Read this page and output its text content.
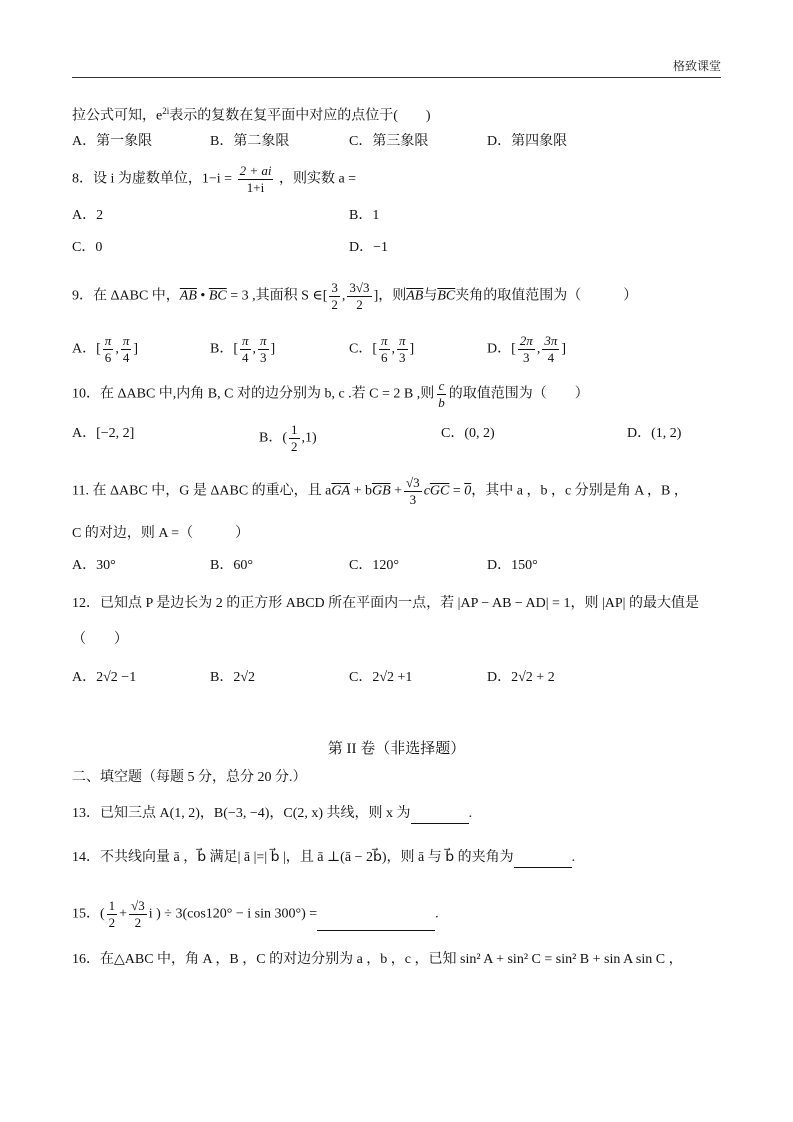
格致课堂
拉公式可知，$e^{2i}$表示的复数在复平面中对应的点位于(　　)
A．第一象限	B．第二象限	C．第三象限	D．第四象限
8．设 i 为虚数单位，$1-i = \frac{2 + ai}{1+i}$ ，则实数 a =
A．2	B．1
C．0	D．−1
9．在 ΔABC 中，$\overline{AB}$ • $\overline{BC} = 3$ ,其面积 S ∈[ $\frac{3}{2}$ , $\frac{3√3}{2}$ ]，则$\overline{AB}$与$\overline{BC}$夹角的取值范围为（　　　）
A．[ $\frac{\pi}{6}$ , $\frac{\pi}{4}$ ]	B．[ $\frac{\pi}{4}$ , $\frac{\pi}{3}$ ]	C．[ $\frac{\pi}{6}$ , $\frac{\pi}{3}$ ]	D．[ $\frac{2\pi}{3}$ , $\frac{3\pi}{4}$ ]
10．在 ΔABC 中,内角 B, C 对的边分别为 b, c .若 C = 2 B ,则 $\frac{c}{b}$ 的取值范围为（　　）
A．[−2, 2]	B．( $\frac{1}{2} ,1$)	C．(0, 2)	D．(1, 2)
11. 在 ΔABC 中，G 是 ΔABC 的重心，且 $a\overline{GA} + b\overline{GB} + \frac{√3}{3} c\overline{GC} = 0$，其中 a ，b ，c 分别是角 A ，B ，
C 的对边，则 A =（　　　）
A．30°	B．60°	C．120°	D．150°
12．已知点 P 是边长为 2 的正方形 ABCD 所在平面内一点，若 |AP − AB − AD| = 1，则 |AP| 的最大值是
（　　）
A．2√2 −1	B．2√2	C．2√2 +1	D．2√2 + 2
第 II 卷（非选择题）
二、填空题（每题 5 分，总分 20 分.）
13．已知三点 A(1, 2)，B(−3, −4)，C(2, x) 共线，则 x 为	.
14．不共线向量 ā ，b⃗ 满足| ā |=| b⃗ |，且 ā ⊥(ā − 2b⃗)，则 ā 与 b⃗ 的夹角为	.
15．( $\frac{1}{2} + \frac{√3}{2}$ i ) ÷ 3(cos120° − i sin 300°) =	.
16．在△ABC 中，角 A ，B ，C 的对边分别为 a ，b ，c ，已知 sin² A + sin² C = sin² B + sin A sin C ，
